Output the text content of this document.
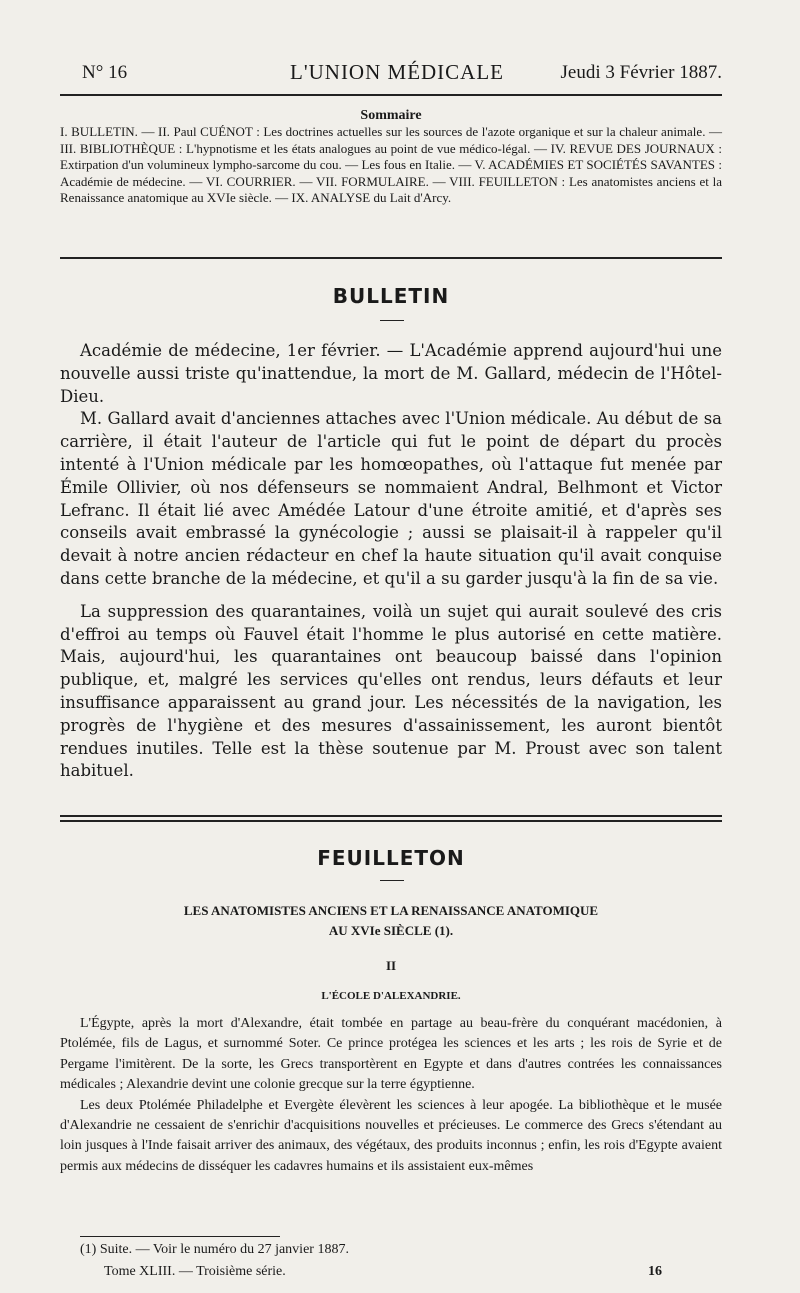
N° 16	L'UNION MÉDICALE	Jeudi 3 Février 1887.
Sommaire
I. BULLETIN. — II. Paul CUÉNOT : Les doctrines actuelles sur les sources de l'azote organique et sur la chaleur animale. — III. BIBLIOTHÈQUE : L'hypnotisme et les états analogues au point de vue médico-légal. — IV. REVUE DES JOURNAUX : Extirpation d'un volumineux lympho-sarcome du cou. — Les fous en Italie. — V. ACADÉMIES ET SOCIÉTÉS SAVANTES : Académie de médecine. — VI. COURRIER. — VII. FORMULAIRE. — VIII. FEUILLETON : Les anatomistes anciens et la Renaissance anatomique au XVIe siècle. — IX. ANALYSE du Lait d'Arcy.
BULLETIN

Académie de médecine, 1er février. — L'Académie apprend aujourd'hui une nouvelle aussi triste qu'inattendue, la mort de M. Gallard, médecin de l'Hôtel-Dieu.

M. Gallard avait d'anciennes attaches avec l'Union médicale. Au début de sa carrière, il était l'auteur de l'article qui fut le point de départ du procès intenté à l'Union médicale par les homœopathes, où l'attaque fut menée par Émile Ollivier, où nos défenseurs se nommaient Andral, Belhmont et Victor Lefranc. Il était lié avec Amédée Latour d'une étroite amitié, et d'après ses conseils avait embrassé la gynécologie ; aussi se plaisait-il à rappeler qu'il devait à notre ancien rédacteur en chef la haute situation qu'il avait conquise dans cette branche de la médecine, et qu'il a su garder jusqu'à la fin de sa vie.

La suppression des quarantaines, voilà un sujet qui aurait soulevé des cris d'effroi au temps où Fauvel était l'homme le plus autorisé en cette matière. Mais, aujourd'hui, les quarantaines ont beaucoup baissé dans l'opinion publique, et, malgré les services qu'elles ont rendus, leurs défauts et leur insuffisance apparaissent au grand jour. Les nécessités de la navigation, les progrès de l'hygiène et des mesures d'assainissement, les auront bientôt rendues inutiles. Telle est la thèse soutenue par M. Proust avec son talent habituel.

FEUILLETON
LES ANATOMISTES ANCIENS ET LA RENAISSANCE ANATOMIQUE
AU XVIe SIÈCLE (1).
II
L'ÉCOLE D'ALEXANDRIE.

L'Égypte, après la mort d'Alexandre, était tombée en partage au beau-frère du conquérant macédonien, à Ptolémée, fils de Lagus, et surnommé Soter. Ce prince protégea les sciences et les arts ; les rois de Syrie et de Pergame l'imitèrent. De la sorte, les Grecs transportèrent en Egypte et dans d'autres contrées les connaissances médicales ; Alexandrie devint une colonie grecque sur la terre égyptienne.

Les deux Ptolémée Philadelphe et Evergète élevèrent les sciences à leur apogée. La bibliothèque et le musée d'Alexandrie ne cessaient de s'enrichir d'acquisitions nouvelles et précieuses. Le commerce des Grecs s'étendant au loin jusques à l'Inde faisait arriver des animaux, des végétaux, des produits inconnus ; enfin, les rois d'Egypte avaient permis aux médecins de disséquer les cadavres humains et ils assistaient eux-mêmes

(1) Suite. — Voir le numéro du 27 janvier 1887.
Tome XLIII. — Troisième série.	16
